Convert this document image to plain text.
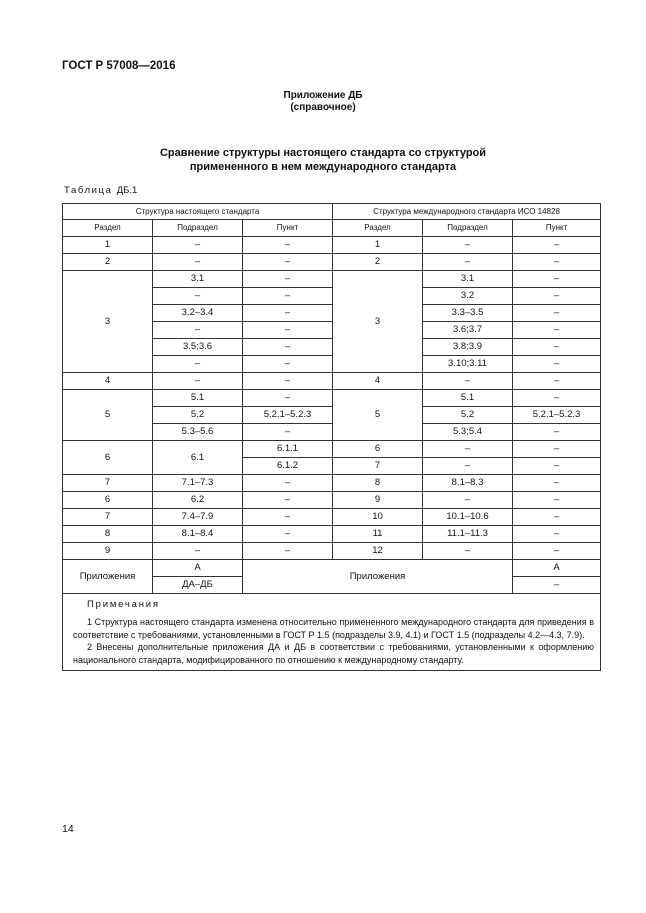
ГОСТ Р 57008—2016
Приложение ДБ
(справочное)
Сравнение структуры настоящего стандарта со структурой
примененного в нем международного стандарта
Таблица ДБ.1
Структура настоящего стандарта			Структура международного стандарта ИСО 14828		
Раздел	Подраздел	Пункт	Раздел	Подраздел	Пункт
1	–	–	1	–	–
2	–	–	2	–	–
3	3.1	–	3	3.1	–
	–	–		3.2	–
	3.2–3.4	–		3.3–3.5	–
	–	–		3.6;3.7	–
	3.5;3.6	–		3.8;3.9	–
	–	–		3.10;3.11	–
4	–	–	4	–	–
5	5.1	–	5	5.1	–
	5.2	5.2.1–5.2.3		5.2	5.2.1–5.2.3
	5.3–5.6	–		5.3;5.4	–
6	6.1	6.1.1	6	–	–
		6.1.2	7	–	–
7	7.1–7.3	–	8	8.1–8.3	–
6	6.2	–	9	–	–
7	7.4–7.9	–	10	10.1–10.6	–
8	8.1–8.4	–	11	11.1–11.3	–
9	–	–	12	–	–
Приложения	А	Приложения			А
	ДА–ДБ				–

Примечания

1 Структура настоящего стандарта изменена относительно примененного международного стандарта для приведения в соответствие с требованиями, установленными в ГОСТ Р 1.5 (подразделы 3.9, 4.1) и ГОСТ 1.5 (подразделы 4.2—4.3, 7.9).

2 Внесены дополнительные приложения ДА и ДБ в соответствии с требованиями, установленными к оформлению национального стандарта, модифицированного по отношению к международному стандарту.					

14
